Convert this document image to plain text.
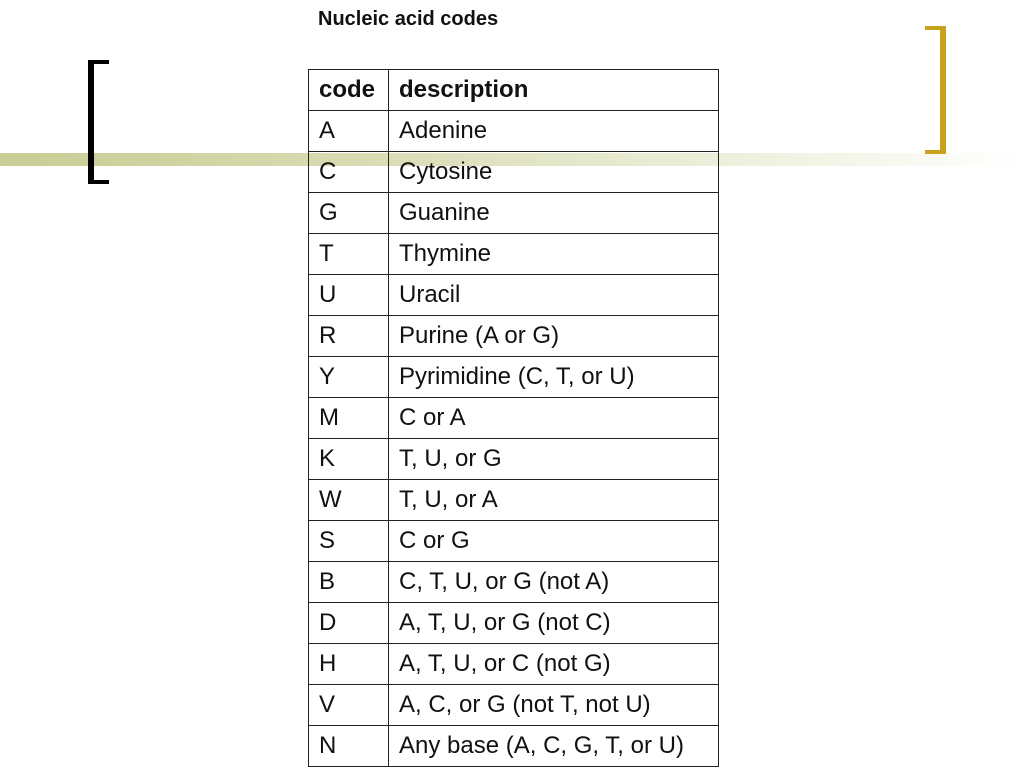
Nucleic acid codes
code	description
A	Adenine
C	Cytosine
G	Guanine
T	Thymine
U	Uracil
R	Purine (A or G)
Y	Pyrimidine (C, T, or U)
M	C or A
K	T, U, or G
W	T, U, or A
S	C or G
B	C, T, U, or G (not A)
D	A, T, U, or G (not C)
H	A, T, U, or C (not G)
V	A, C, or G (not T, not U)
N	Any base (A, C, G, T, or U)
